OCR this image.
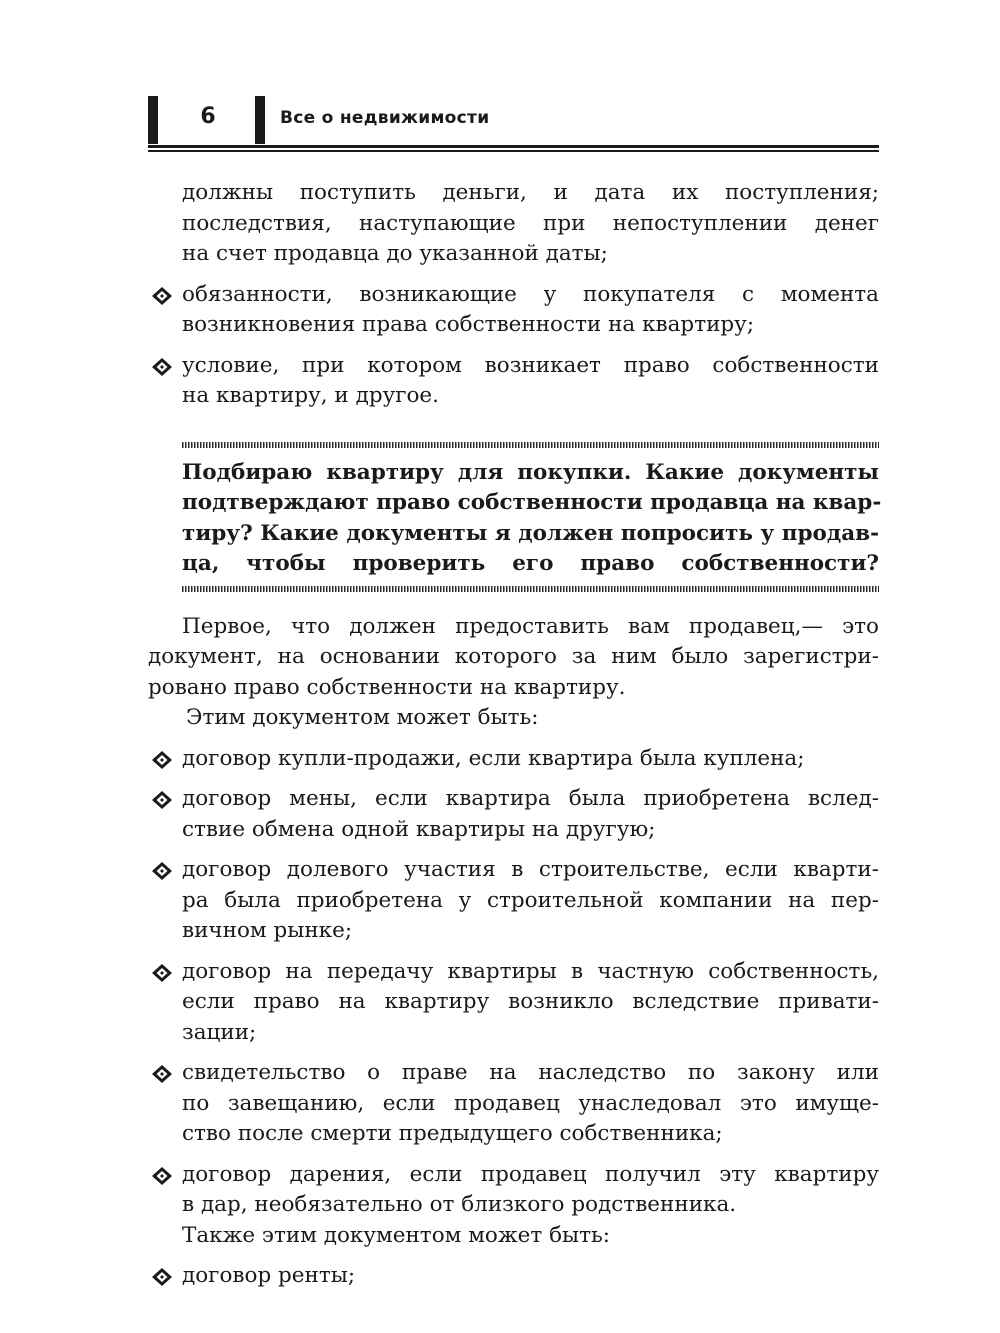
6	Все о недвижимости
должны поступить деньги, и дата их поступления;
последствия, наступающие при непоступлении денег
на счет продавца до указанной даты;
обязанности, возникающие у покупателя с момента
возникновения права собственности на квартиру;
условие, при котором возникает право собственности
на квартиру, и другое.
Подбираю квартиру для покупки. Какие документы
подтверждают право собственности продавца на квар-
тиру? Какие документы я должен попросить у продав-
ца, чтобы проверить его право собственности?
Первое, что должен предоставить вам продавец,— это
документ, на основании которого за ним было зарегистри-
ровано право собственности на квартиру.
Этим документом может быть:
договор купли-продажи, если квартира была куплена;
договор мены, если квартира была приобретена вслед-
ствие обмена одной квартиры на другую;
договор долевого участия в строительстве, если кварти-
ра была приобретена у строительной компании на пер-
вичном рынке;
договор на передачу квартиры в частную собственность,
если право на квартиру возникло вследствие привати-
зации;
свидетельство о праве на наследство по закону или
по завещанию, если продавец унаследовал это имуще-
ство после смерти предыдущего собственника;
договор дарения, если продавец получил эту квартиру
в дар, необязательно от близкого родственника.
Также этим документом может быть:
договор ренты;
